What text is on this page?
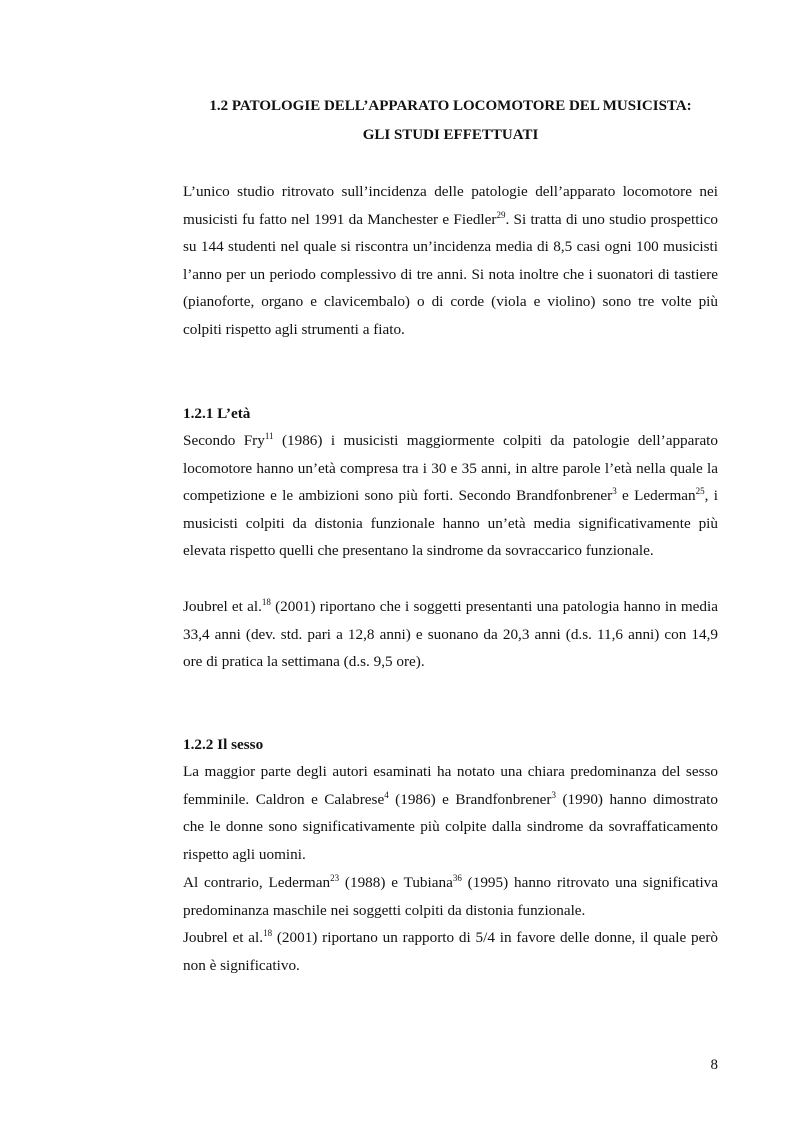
1.2 PATOLOGIE DELL’APPARATO LOCOMOTORE DEL MUSICISTA:
GLI STUDI EFFETTUATI

L’unico studio ritrovato sull’incidenza delle patologie dell’apparato locomotore nei musicisti fu fatto nel 1991 da Manchester e Fiedler$^{29}$. Si tratta di uno studio prospettico su 144 studenti nel quale si riscontra un’incidenza media di 8,5 casi ogni 100 musicisti l’anno per un periodo complessivo di tre anni. Si nota inoltre che i suonatori di tastiere (pianoforte, organo e clavicembalo) o di corde (viola e violino) sono tre volte più colpiti rispetto agli strumenti a fiato.

1.2.1 L’età

Secondo Fry$^{11}$ (1986) i musicisti maggiormente colpiti da patologie dell’apparato locomotore hanno un’età compresa tra i 30 e 35 anni, in altre parole l’età nella quale la competizione e le ambizioni sono più forti. Secondo Brandfonbrener$^3$ e Lederman$^{25}$, i musicisti colpiti da distonia funzionale hanno un’età media significativamente più elevata rispetto quelli che presentano la sindrome da sovraccarico funzionale.

Joubrel et al.$^{18}$ (2001) riportano che i soggetti presentanti una patologia hanno in media 33,4 anni (dev. std. pari a 12,8 anni) e suonano da 20,3 anni (d.s. 11,6 anni) con 14,9 ore di pratica la settimana (d.s. 9,5 ore).

1.2.2 Il sesso

La maggior parte degli autori esaminati ha notato una chiara predominanza del sesso femminile. Caldron e Calabrese$^4$ (1986) e Brandfonbrener$^3$ (1990) hanno dimostrato che le donne sono significativamente più colpite dalla sindrome da sovraffaticamento rispetto agli uomini.

Al contrario, Lederman$^{23}$ (1988) e Tubiana$^{36}$ (1995) hanno ritrovato una significativa predominanza maschile nei soggetti colpiti da distonia funzionale.

Joubrel et al.$^{18}$ (2001) riportano un rapporto di 5/4 in favore delle donne, il quale però non è significativo.

8
